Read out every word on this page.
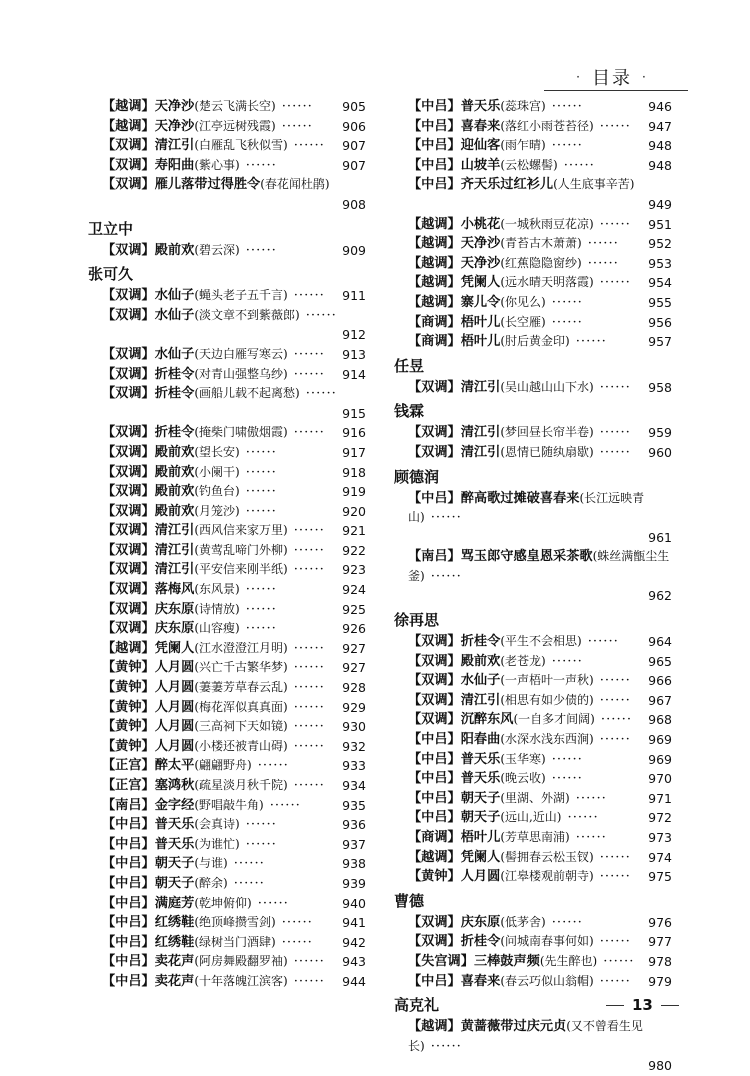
· 目录 ·
【越调】天净沙(楚云飞满长空) ······	905
【越调】天净沙(江亭远树残霞) ······	906
【双调】清江引(白雁乱飞秋似雪) ······	907
【双调】寿阳曲(紫心事) ······	907
【双调】雁儿落带过得胜令(春花闻杜鹃)
908
卫立中
【双调】殿前欢(碧云深) ······	909
张可久
【双调】水仙子(蝇头老子五千言) ······	911
【双调】水仙子(淡文章不到紫薇郎) ······
912
【双调】水仙子(天边白雁写寒云) ······	913
【双调】折桂令(对青山强整乌纱) ······	914
【双调】折桂令(画船儿载不起离愁) ······
915
【双调】折桂令(掩柴门啸傲烟霞) ······	916
【双调】殿前欢(望长安) ······	917
【双调】殿前欢(小阑干) ······	918
【双调】殿前欢(钓鱼台) ······	919
【双调】殿前欢(月笼沙) ······	920
【双调】清江引(西风信来家万里) ······	921
【双调】清江引(黄莺乱啼门外柳) ······	922
【双调】清江引(平安信来刚半纸) ······	923
【双调】落梅风(东风景) ······	924
【双调】庆东原(诗情放) ······	925
【双调】庆东原(山容瘦) ······	926
【越调】凭阑人(江水澄澄江月明) ······	927
【黄钟】人月圆(兴亡千古繁华梦) ······	927
【黄钟】人月圆(萋萋芳草春云乱) ······	928
【黄钟】人月圆(梅花浑似真真面) ······	929
【黄钟】人月圆(三高祠下天如镜) ······	930
【黄钟】人月圆(小楼还被青山碍) ······	932
【正宫】醉太平(翩翩野舟) ······	933
【正宫】塞鸿秋(疏星淡月秋千院) ······	934
【南吕】金字经(野唱敲牛角) ······	935
【中吕】普天乐(会真诗) ······	936
【中吕】普天乐(为谁忙) ······	937
【中吕】朝天子(与谁) ······	938
【中吕】朝天子(醉余) ······	939
【中吕】满庭芳(乾坤俯仰) ······	940
【中吕】红绣鞋(绝顶峰攒雪剑) ······	941
【中吕】红绣鞋(绿树当门酒肆) ······	942
【中吕】卖花声(阿房舞殿翻罗袖) ······	943
【中吕】卖花声(十年落魄江滨客) ······	944
【中吕】普天乐(蕊珠宫) ······	946
【中吕】喜春来(落红小雨苍苔径) ······	947
【中吕】迎仙客(雨乍晴) ······	948
【中吕】山坡羊(云松螺髻) ······	948
【中吕】齐天乐过红衫儿(人生底事辛苦)
949
【越调】小桃花(一城秋雨豆花凉) ······	951
【越调】天净沙(青苔古木萧萧) ······	952
【越调】天净沙(红蕉隐隐窗纱) ······	953
【越调】凭阑人(远水晴天明落霞) ······	954
【越调】寨儿令(你见么) ······	955
【商调】梧叶儿(长空雁) ······	956
【商调】梧叶儿(肘后黄金印) ······	957
任昱
【双调】清江引(吴山越山山下水) ······	958
钱霖
【双调】清江引(梦回昼长帘半卷) ······	959
【双调】清江引(恩情已随纨扇歇) ······	960
顾德润
【中吕】醉高歌过摊破喜春来(长江远映青山) ······
961
【南吕】骂玉郎守感皇恩采茶歌(蛛丝满甑尘生釜) ······
962
徐再思
【双调】折桂令(平生不会相思) ······	964
【双调】殿前欢(老苍龙) ······	965
【双调】水仙子(一声梧叶一声秋) ······	966
【双调】清江引(相思有如少债的) ······	967
【双调】沉醉东风(一自多才间阔) ······	968
【中吕】阳春曲(水深水浅东西涧) ······	969
【中吕】普天乐(玉华寒) ······	969
【中吕】普天乐(晚云收) ······	970
【中吕】朝天子(里湖、外湖) ······	971
【中吕】朝天子(远山,近山) ······	972
【商调】梧叶儿(芳草思南浦) ······	973
【越调】凭阑人(髻拥春云松玉钗) ······	974
【黄钟】人月圆(江皋楼观前朝寺) ······	975
曹德
【双调】庆东原(低茅舍) ······	976
【双调】折桂令(问城南春事何如) ······	977
【失宫调】三棒鼓声频(先生醉也) ······	978
【中吕】喜春来(春云巧似山翁帽) ······	979
高克礼
【越调】黄蔷薇带过庆元贞(又不曾看生见长) ······
980
13
